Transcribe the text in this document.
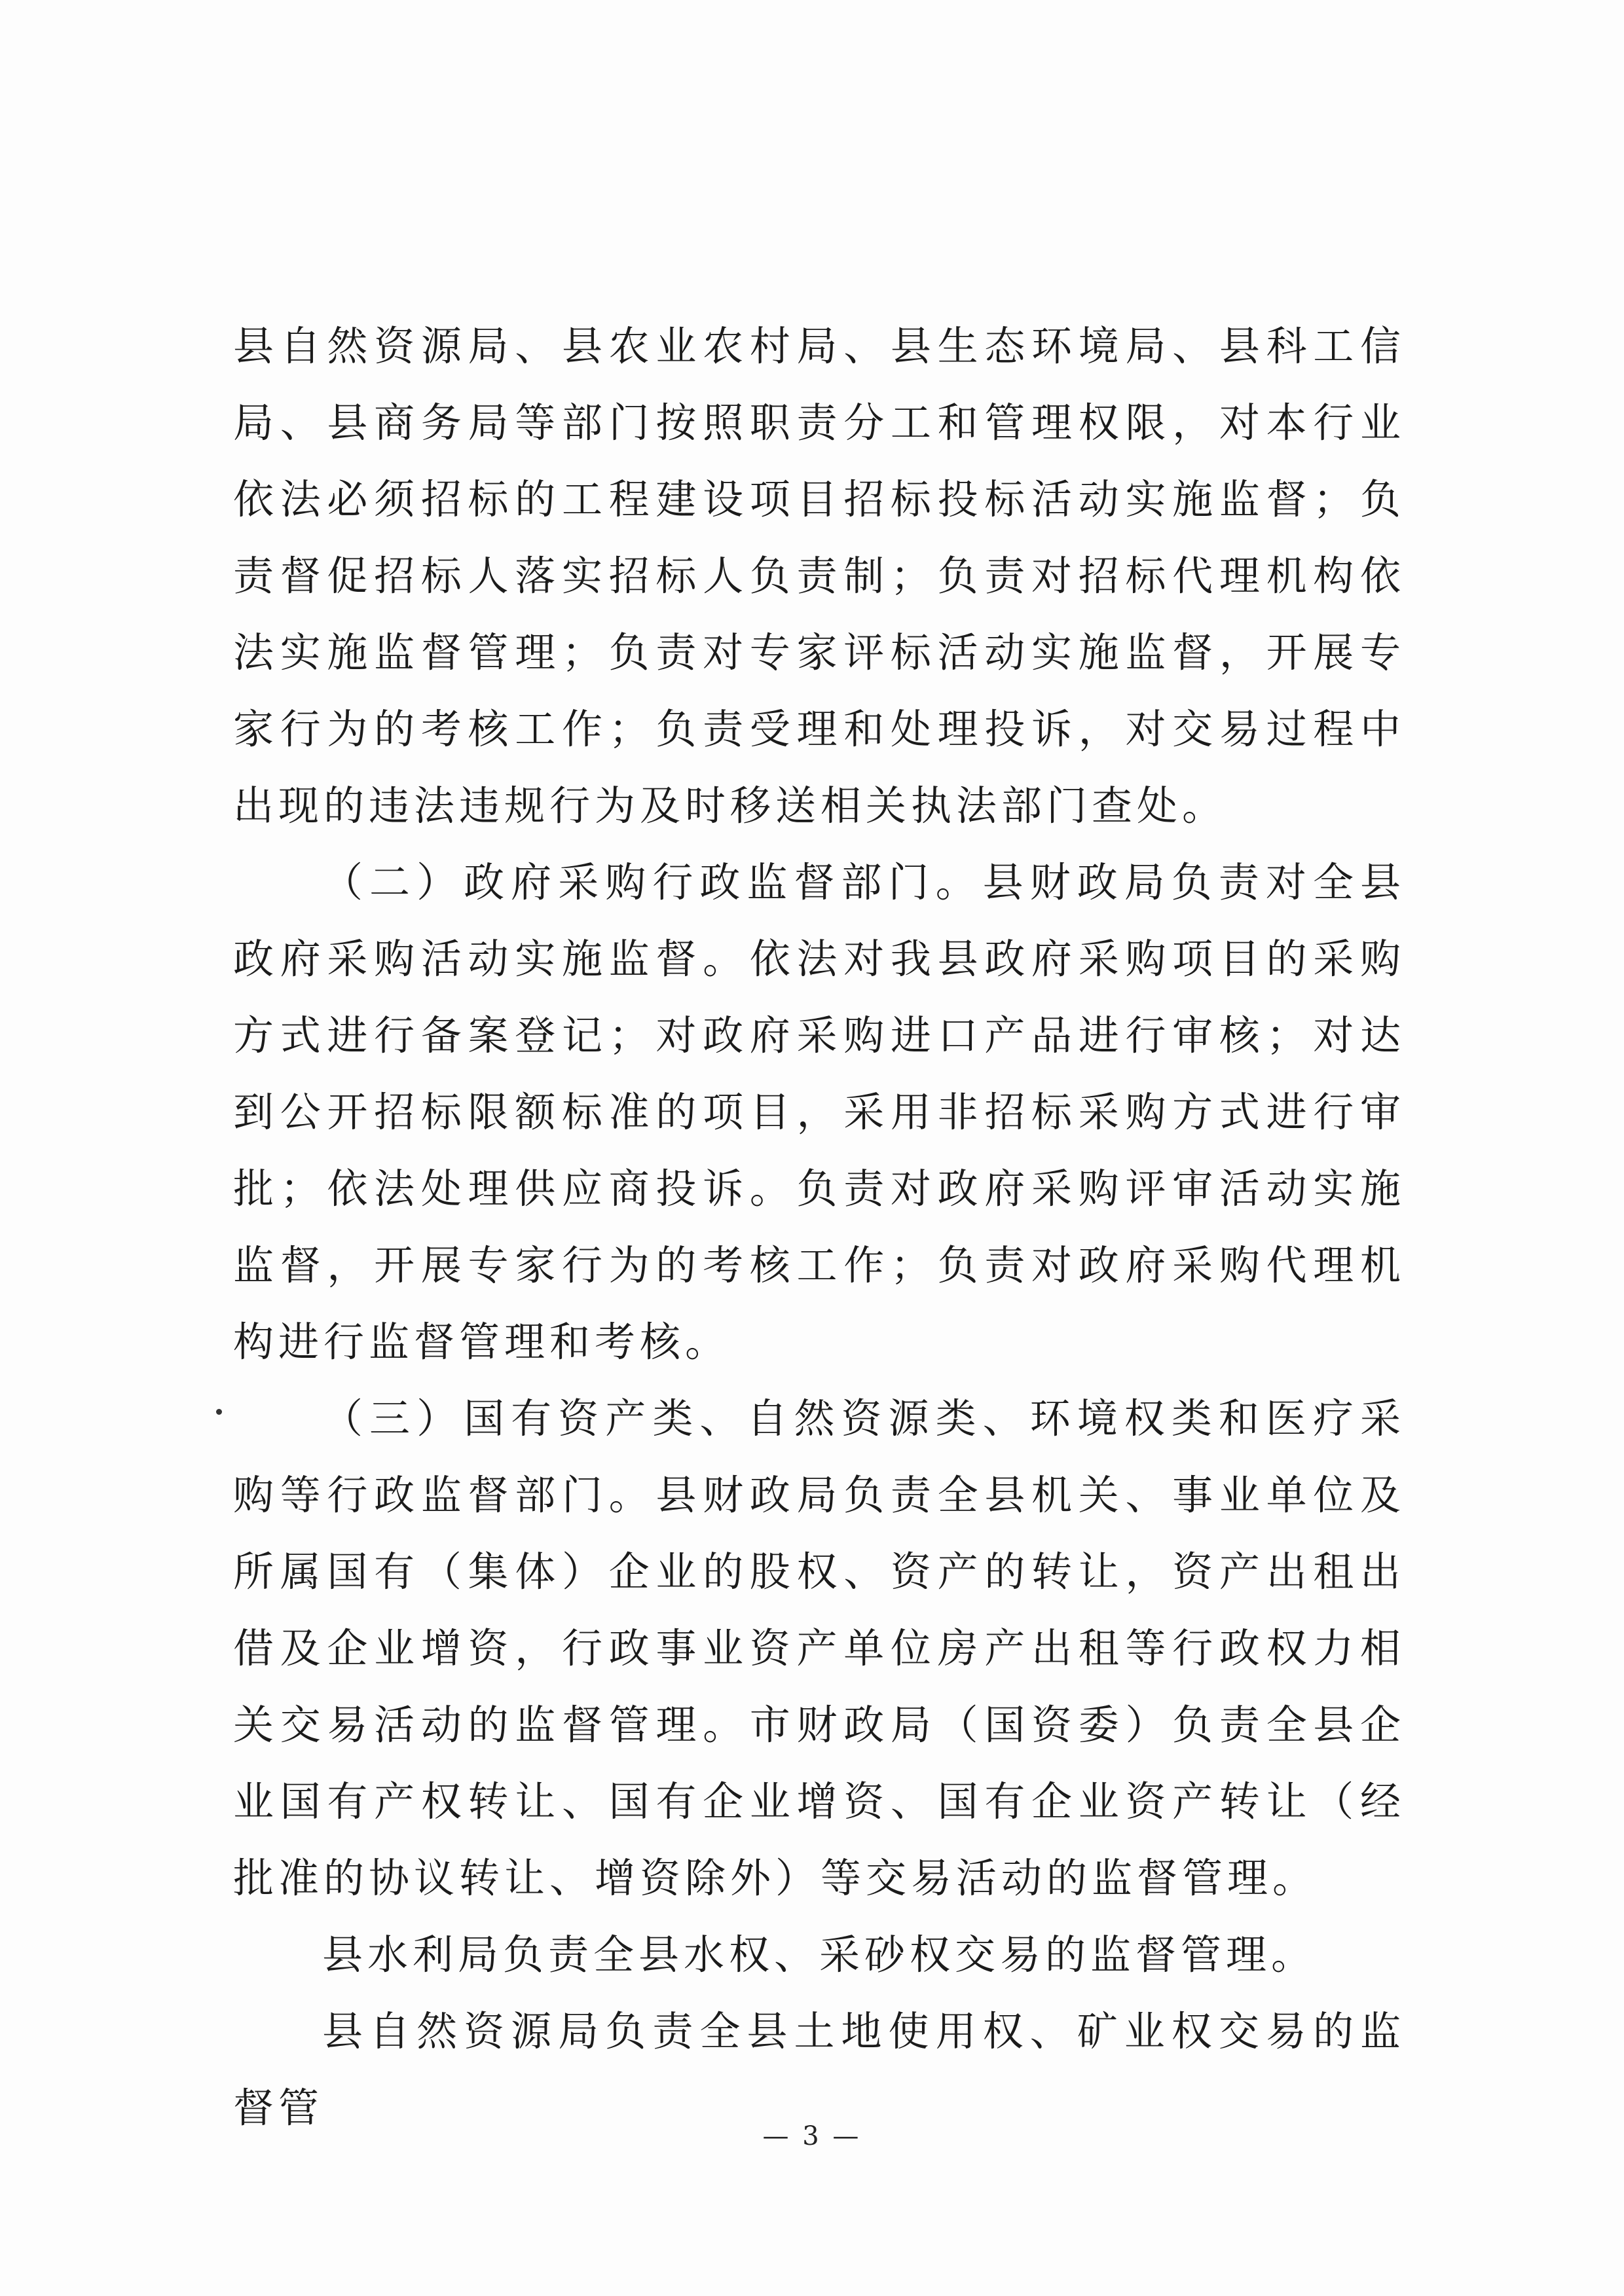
县自然资源局、县农业农村局、县生态环境局、县科工信局、县商务局等部门按照职责分工和管理权限，对本行业依法必须招标的工程建设项目招标投标活动实施监督；负责督促招标人落实招标人负责制；负责对招标代理机构依法实施监督管理；负责对专家评标活动实施监督，开展专家行为的考核工作；负责受理和处理投诉，对交易过程中出现的违法违规行为及时移送相关执法部门查处。

（二）政府采购行政监督部门。县财政局负责对全县政府采购活动实施监督。依法对我县政府采购项目的采购方式进行备案登记；对政府采购进口产品进行审核；对达到公开招标限额标准的项目，采用非招标采购方式进行审批；依法处理供应商投诉。负责对政府采购评审活动实施监督，开展专家行为的考核工作；负责对政府采购代理机构进行监督管理和考核。

（三）国有资产类、自然资源类、环境权类和医疗采购等行政监督部门。县财政局负责全县机关、事业单位及所属国有（集体）企业的股权、资产的转让，资产出租出借及企业增资，行政事业资产单位房产出租等行政权力相关交易活动的监督管理。市财政局（国资委）负责全县企业国有产权转让、国有企业增资、国有企业资产转让（经批准的协议转让、增资除外）等交易活动的监督管理。

县水利局负责全县水权、采砂权交易的监督管理。

县自然资源局负责全县土地使用权、矿业权交易的监督管

— 3 —
